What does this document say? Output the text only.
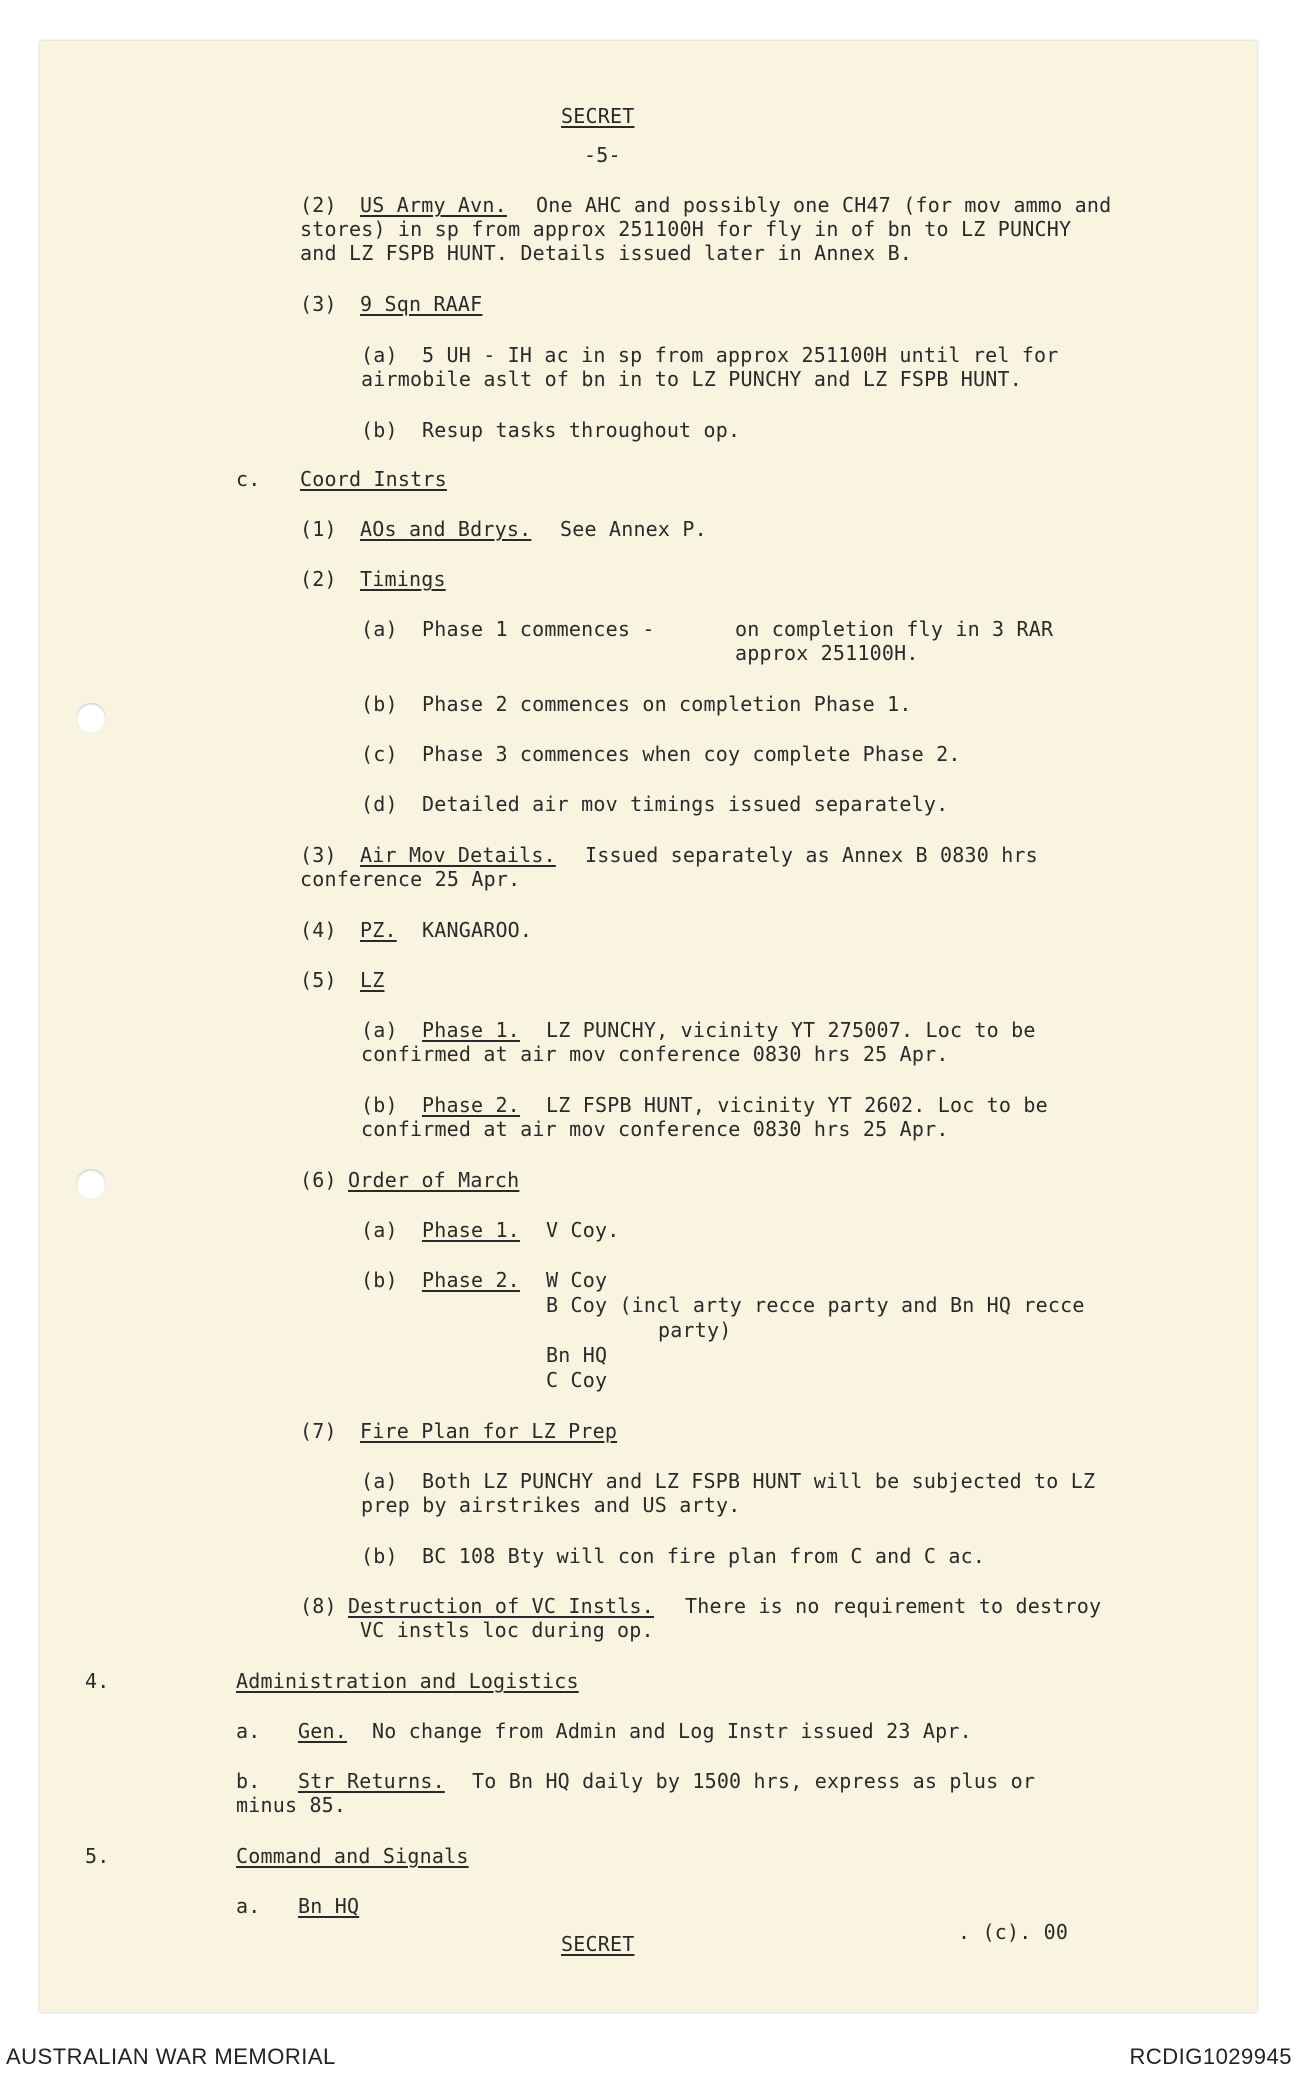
SECRET
-5-
(2) US Army Avn. One AHC and possibly one CH47 (for mov ammo and
stores) in sp from approx 251100H for fly in of bn to LZ PUNCHY
and LZ FSPB HUNT. Details issued later in Annex B.
(3) 9 Sqn RAAF
(a) 5 UH - IH ac in sp from approx 251100H until rel for
airmobile aslt of bn in to LZ PUNCHY and LZ FSPB HUNT.
(b) Resup tasks throughout op.
c. Coord Instrs
(1) AOs and Bdrys. See Annex P.
(2) Timings
(a) Phase 1 commences -	on completion fly in 3 RAR
approx 251100H.
(b) Phase 2 commences on completion Phase 1.
(c) Phase 3 commences when coy complete Phase 2.
(d) Detailed air mov timings issued separately.
(3) Air Mov Details. Issued separately as Annex B 0830 hrs
conference 25 Apr.
(4) PZ. KANGAROO.
(5) LZ
(a) Phase 1. LZ PUNCHY, vicinity YT 275007. Loc to be
confirmed at air mov conference 0830 hrs 25 Apr.
(b) Phase 2. LZ FSPB HUNT, vicinity YT 2602. Loc to be
confirmed at air mov conference 0830 hrs 25 Apr.
(6) Order of March
(a) Phase 1. V Coy.
(b) Phase 2. W Coy
B Coy (incl arty recce party and Bn HQ recce
party)
Bn HQ
C Coy
(7) Fire Plan for LZ Prep
(a) Both LZ PUNCHY and LZ FSPB HUNT will be subjected to LZ
prep by airstrikes and US arty.
(b) BC 108 Bty will con fire plan from C and C ac.
(8) Destruction of VC Instls. There is no requirement to destroy
VC instls loc during op.
4.	Administration and Logistics
a. Gen. No change from Admin and Log Instr issued 23 Apr.
b. Str Returns. To Bn HQ daily by 1500 hrs, express as plus or
minus 85.
5.	Command and Signals
a. Bn HQ
SECRET	. (c). 00
AUSTRALIAN WAR MEMORIAL	RCDIG1029945
